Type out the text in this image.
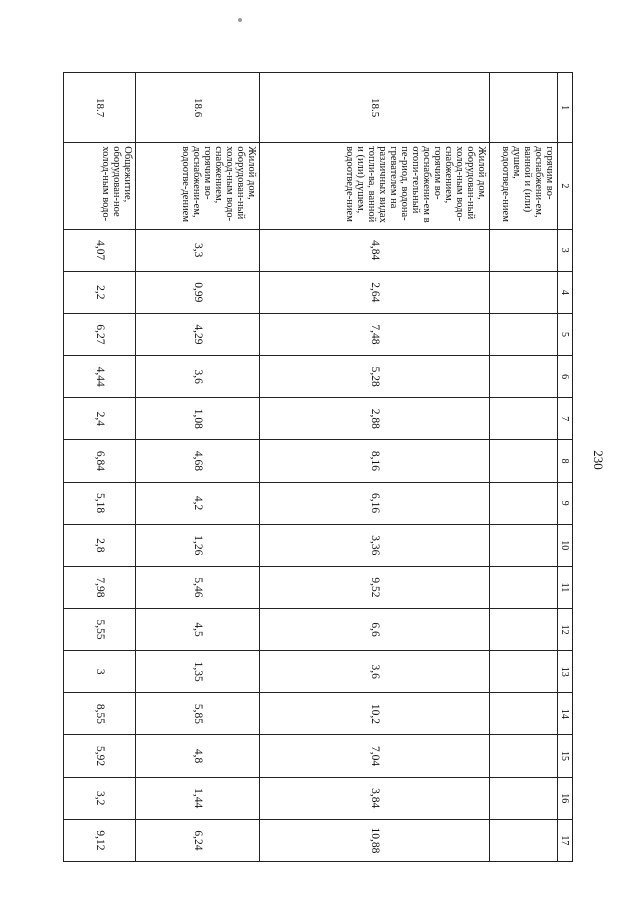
230
1	2	3	4	5	6	7	8	9	10	11	12	13	14	15	16	17
	горячим во-доснабжени-ем, ванной и (или) душем, водоотведе-нием															
18.5	Жилой дом, оборудован-ный холод-ным водо-снабжением, горячим во-доснабжени-ем в отопи-тельный пе-риод, водона-гревателем на различных видах топли-ва, ванной и (или) душем, водоотведе-нием	4,84	2,64	7,48	5,28	2,88	8,16	6,16	3,36	9,52	6,6	3,6	10,2	7,04	3,84	10,88
18.6	Жилой дом, оборудован-ный холод-ным водо-снабжением, горячим во-доснабжени-ем, водоотве-дением	3,3	0,99	4,29	3,6	1,08	4,68	4,2	1,26	5,46	4,5	1,35	5,85	4,8	1,44	6,24
18.7	Общежитие, оборудован-ное холод-ным водо-	4,07	2,2	6,27	4,44	2,4	6,84	5,18	2,8	7,98	5,55	3	8,55	5,92	3,2	9,12
